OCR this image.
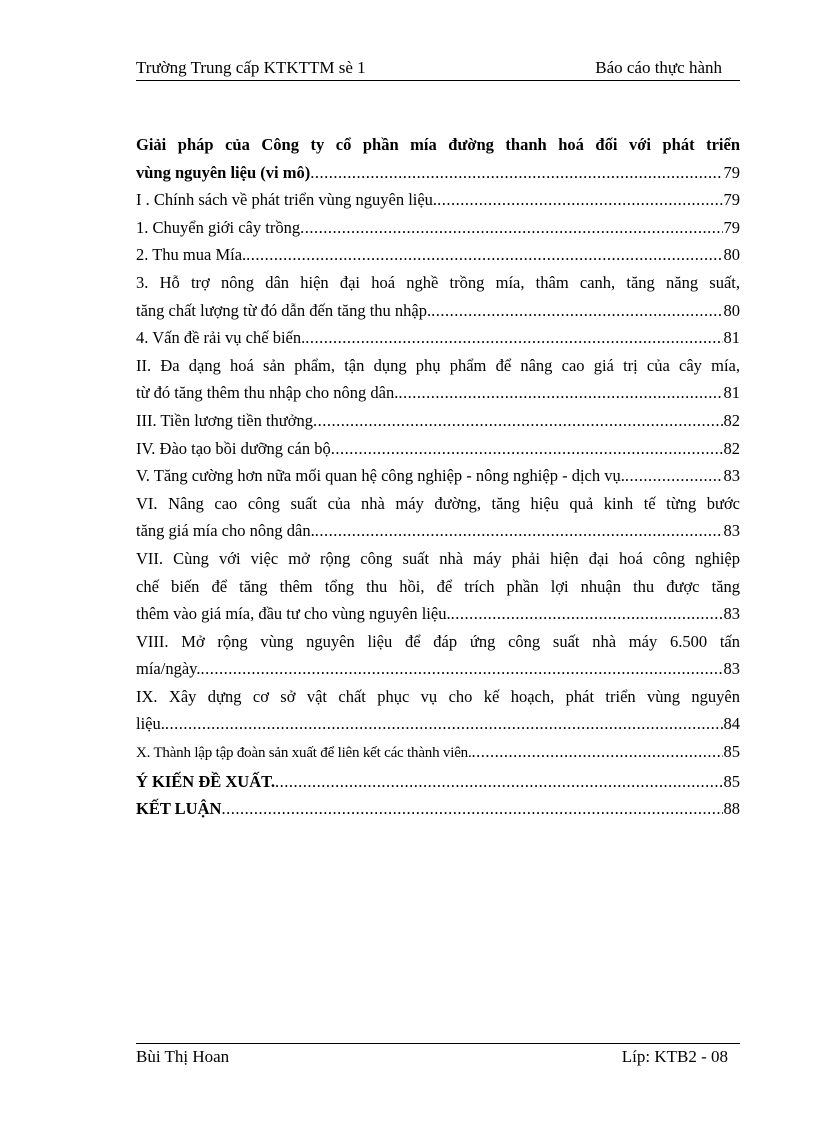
Trường Trung cấp KTKTTM sè 1	Báo cáo thực hành
Giải pháp của Công ty cổ phần mía đường thanh hoá đối với phát triển
vùng nguyên liệu (vi mô) .....	79
I . Chính sách về phát triển vùng nguyên liệu. .....	79
1. Chuyển giới cây trồng .....	79
2. Thu mua Mía. .....	80
3. Hỗ trợ nông dân hiện đại hoá nghề trồng mía, thâm canh, tăng năng suất,
tăng chất lượng từ đó dẫn đến tăng thu nhập. .....	80
4. Vấn đề rải vụ chế biến. .....	81
II. Đa dạng hoá sản phẩm, tận dụng phụ phẩm để nâng cao giá trị của cây mía,
từ đó tăng thêm thu nhập cho nông dân. .....	81
III. Tiền lương tiền thưởng .....	82
IV. Đào tạo bồi dưỡng cán bộ .....	82
V. Tăng cường hơn nữa mối quan hệ công nghiệp - nông nghiệp - dịch vụ. .....	83
VI. Nâng cao công suất của nhà máy đường, tăng hiệu quả kinh tế từng bước
tăng giá mía cho nông dân. .....	83
VII. Cùng với việc mở rộng công suất nhà máy phải hiện đại hoá công nghiệp
chế biến để tăng thêm tổng thu hồi, để trích phần lợi nhuận thu được tăng
thêm vào giá mía, đầu tư cho vùng nguyên liệu. .....	83
VIII. Mở rộng vùng nguyên liệu để đáp ứng công suất nhà máy 6.500 tấn
mía/ngày. .....	83
IX. Xây dựng cơ sở vật chất phục vụ cho kế hoạch, phát triển vùng nguyên
liệu. .....	84
X. Thành lập tập đoàn sản xuất để liên kết các thành viên. .....	85
Ý KIẾN ĐỀ XUẤT. .....	85
KẾT LUẬN .....	88
Bùi Thị Hoan	Líp: KTB2 - 08
